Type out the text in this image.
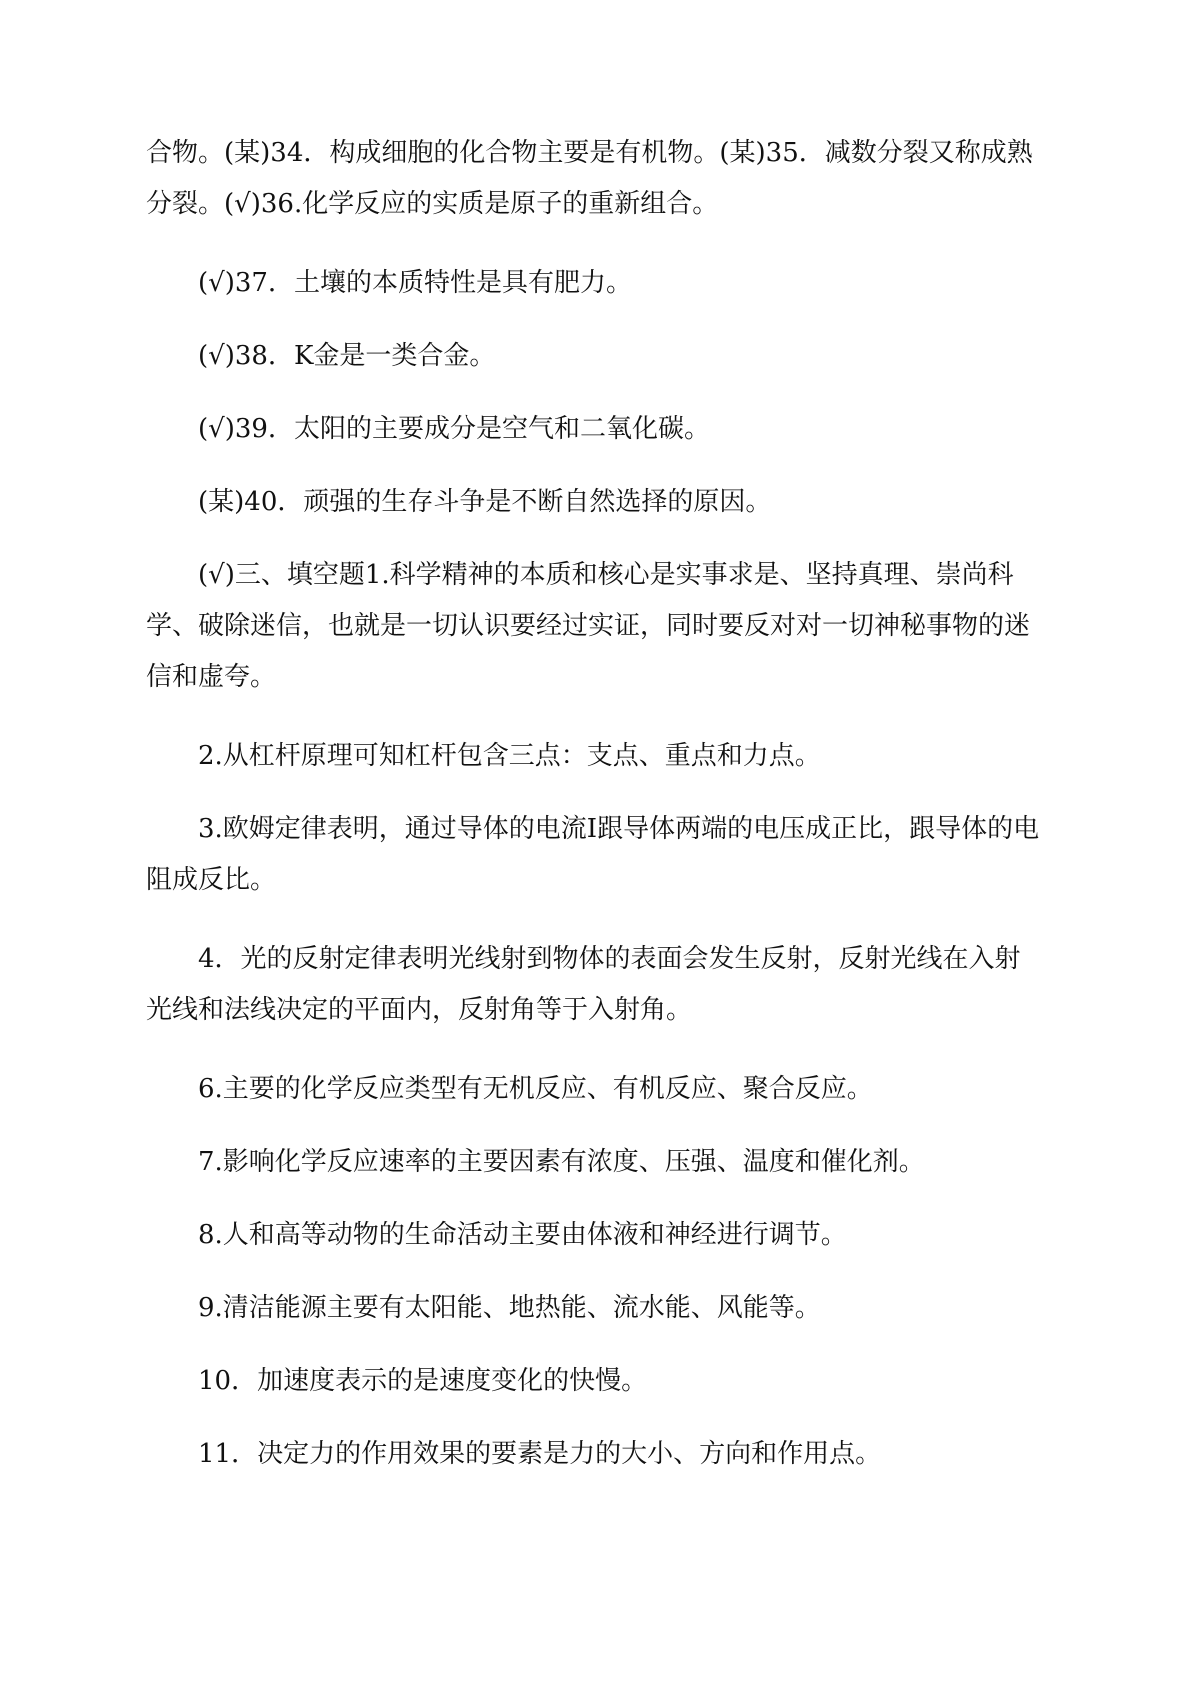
合物。(某)34．构成细胞的化合物主要是有机物。(某)35．减数分裂又称成熟分裂。(√)36.化学反应的实质是原子的重新组合。

(√)37．土壤的本质特性是具有肥力。

(√)38．K金是一类合金。

(√)39．太阳的主要成分是空气和二氧化碳。

(某)40．顽强的生存斗争是不断自然选择的原因。

(√)三、填空题1.科学精神的本质和核心是实事求是、坚持真理、崇尚科学、破除迷信，也就是一切认识要经过实证，同时要反对对一切神秘事物的迷信和虚夸。

2.从杠杆原理可知杠杆包含三点：支点、重点和力点。

3.欧姆定律表明，通过导体的电流I跟导体两端的电压成正比，跟导体的电阻成反比。

4．光的反射定律表明光线射到物体的表面会发生反射，反射光线在入射光线和法线决定的平面内，反射角等于入射角。

6.主要的化学反应类型有无机反应、有机反应、聚合反应。

7.影响化学反应速率的主要因素有浓度、压强、温度和催化剂。

8.人和高等动物的生命活动主要由体液和神经进行调节。

9.清洁能源主要有太阳能、地热能、流水能、风能等。

10．加速度表示的是速度变化的快慢。

11．决定力的作用效果的要素是力的大小、方向和作用点。
